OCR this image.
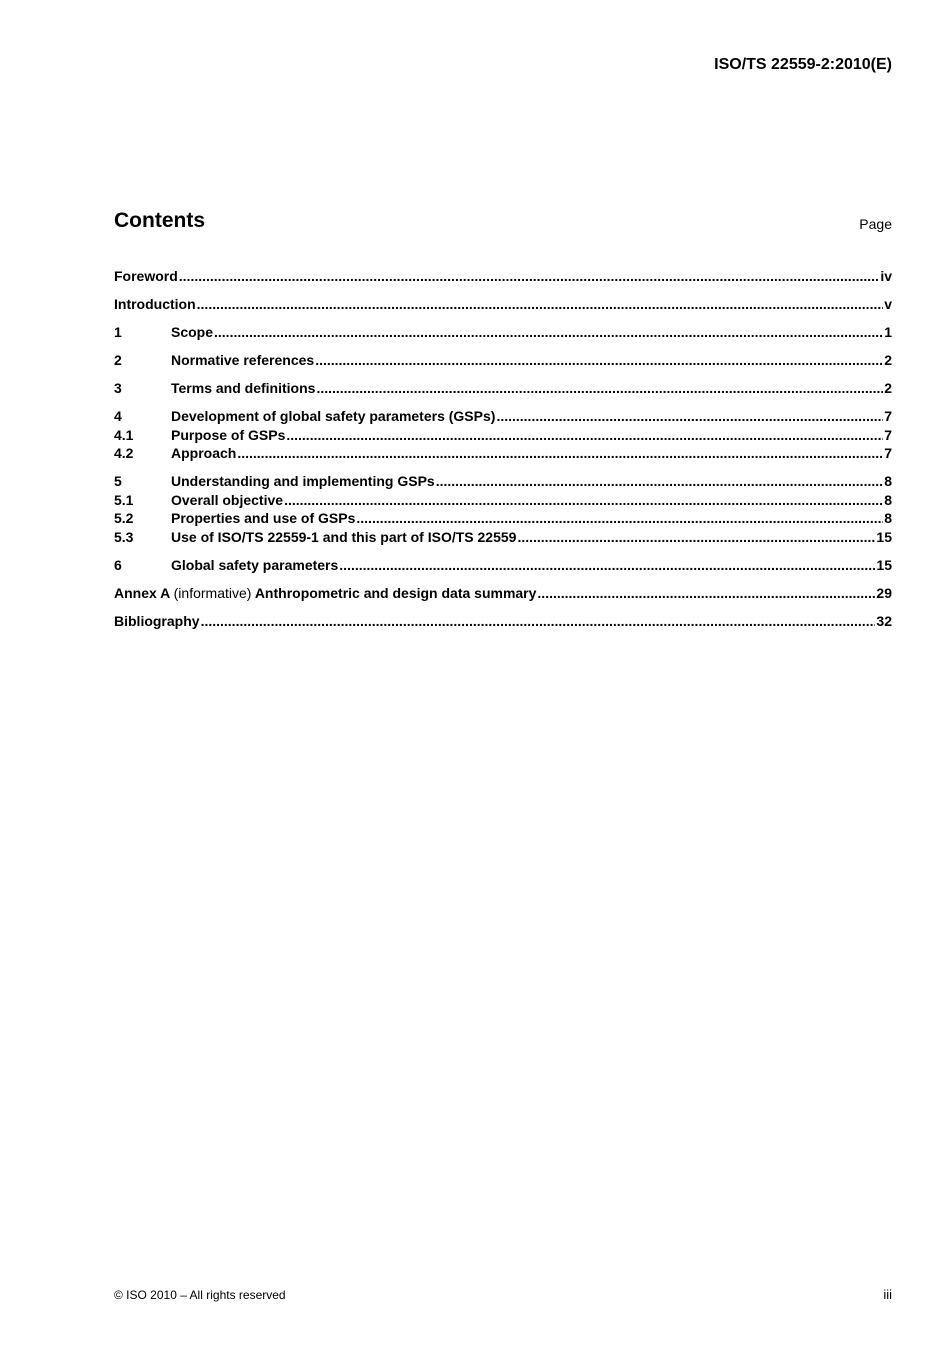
ISO/TS 22559-2:2010(E)
Contents	Page
Foreword .....	iv
Introduction .....	v
1	Scope .....	1
2	Normative references .....	2
3	Terms and definitions .....	2
4	Development of global safety parameters (GSPs) .....	7
4.1	Purpose of GSPs .....	7
4.2	Approach .....	7
5	Understanding and implementing GSPs .....	8
5.1	Overall objective .....	8
5.2	Properties and use of GSPs .....	8
5.3	Use of ISO/TS 22559-1 and this part of ISO/TS 22559 .....	15
6	Global safety parameters .....	15
Annex A (informative) Anthropometric and design data summary .....	29
Bibliography .....	32
© ISO 2010 – All rights reserved	iii
